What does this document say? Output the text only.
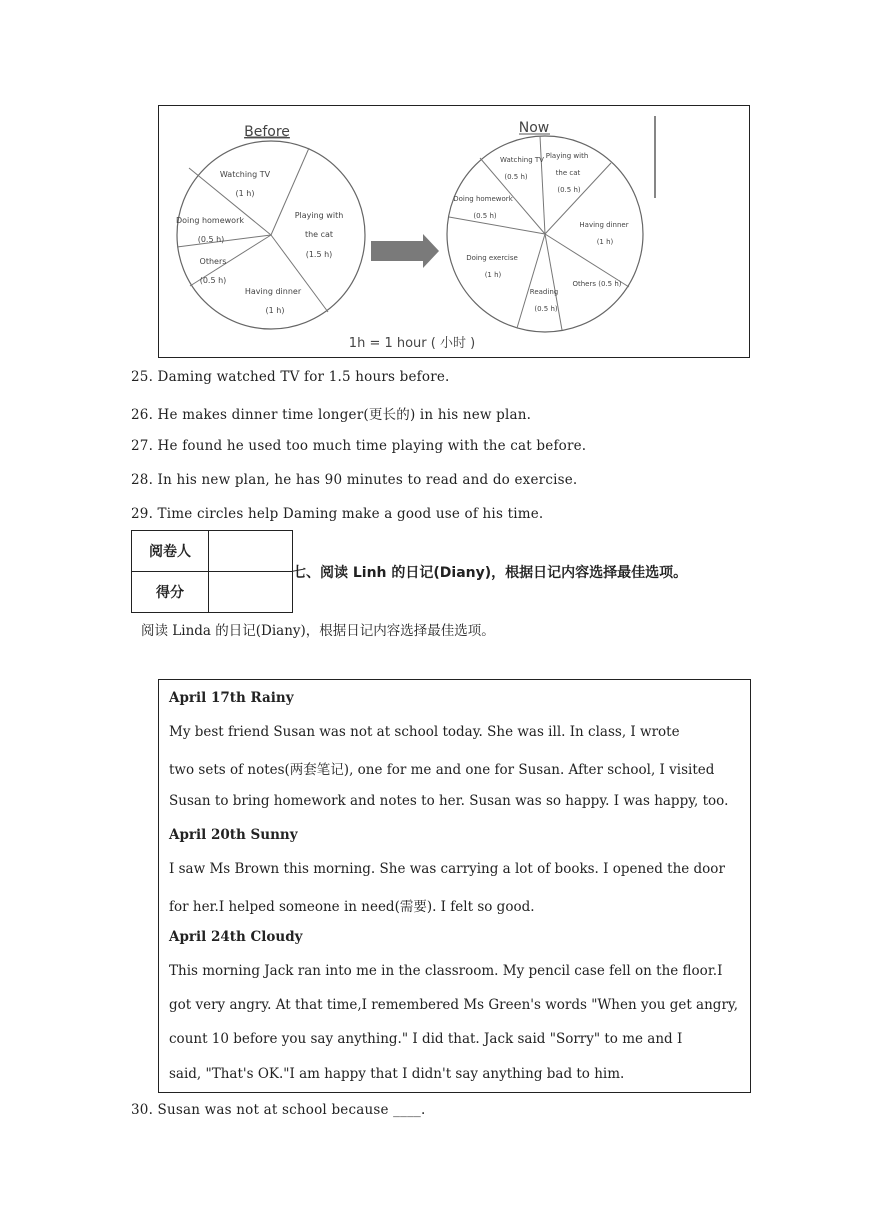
Before
Watching TV
(1 h)
Playing with
the cat
(1.5 h)
Doing homework
(0.5 h)
Others
(0.5 h)
Having dinner
(1 h)
Now
Watching TV
(0.5 h)
Playing with
the cat
(0.5 h)
Doing homework
(0.5 h)
Having dinner
(1 h)
Doing exercise
(1 h)
Others (0.5 h)
Reading
(0.5 h)
1h = 1 hour ( 小时 )
25. Daming watched TV for 1.5 hours before.
26. He makes dinner time longer(更长的) in his new plan.
27. He found he used too much time playing with the cat before.
28. In his new plan, he has 90 minutes to read and do exercise.
29. Time circles help Daming make a good use of his time.
阅卷人	
得分	
七、阅读 Linh 的日记(Diany)，根据日记内容选择最佳选项。
阅读 Linda 的日记(Diany)，根据日记内容选择最佳选项。
April 17th Rainy
My best friend Susan was not at school today. She was ill. In class, I wrote
two sets of notes(两套笔记), one for me and one for Susan. After school, I visited
Susan to bring homework and notes to her. Susan was so happy. I was happy, too.
April 20th Sunny
I saw Ms Brown this morning. She was carrying a lot of books. I opened the door
for her.I helped someone in need(需要). I felt so good.
April 24th Cloudy
This morning Jack ran into me in the classroom. My pencil case fell on the floor.I
got very angry. At that time,I remembered Ms Green's words "When you get angry,
count 10 before you say anything." I did that. Jack said "Sorry" to me and I
said, "That's OK."I am happy that I didn't say anything bad to him.
30. Susan was not at school because ____.
